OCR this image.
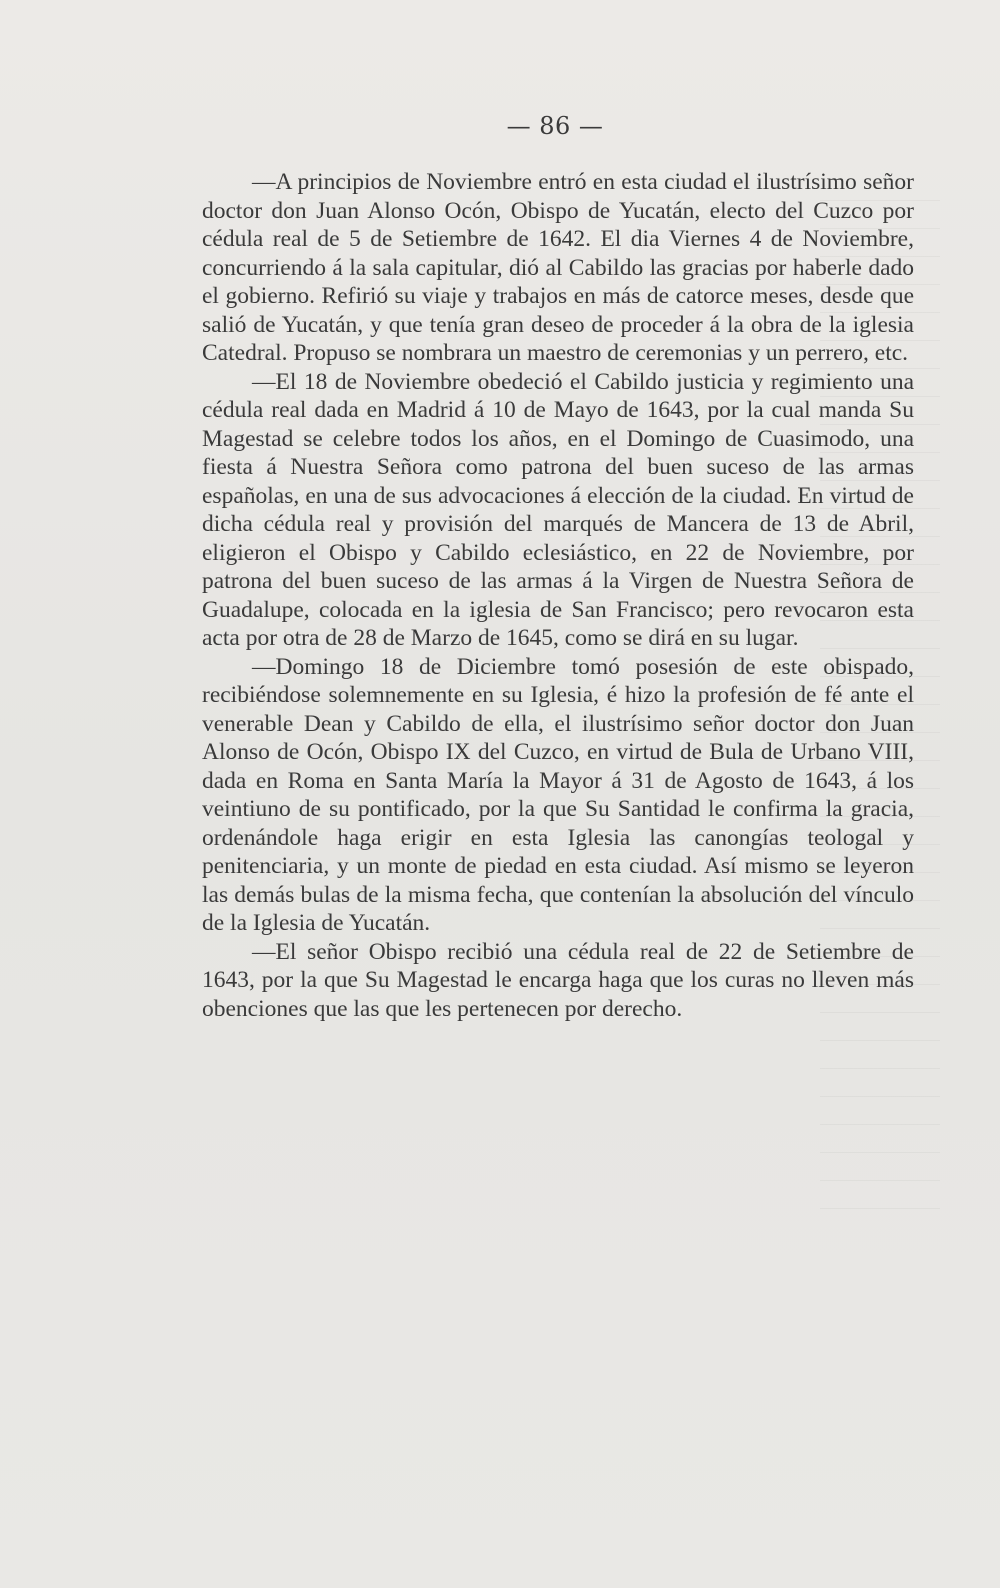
— 86 —

—A principios de Noviembre entró en esta ciudad el ilustrísimo señor doctor don Juan Alonso Ocón, Obispo de Yucatán, electo del Cuzco por cédula real de 5 de Setiembre de 1642. El dia Viernes 4 de Noviembre, concurriendo á la sala capitular, dió al Cabildo las gracias por haberle dado el gobierno. Refirió su viaje y trabajos en más de catorce meses, desde que salió de Yucatán, y que tenía gran deseo de proceder á la obra de la iglesia Catedral. Propuso se nombrara un maestro de ceremonias y un perrero, etc.

—El 18 de Noviembre obedeció el Cabildo justicia y regimiento una cédula real dada en Madrid á 10 de Mayo de 1643, por la cual manda Su Magestad se celebre todos los años, en el Domingo de Cuasimodo, una fiesta á Nuestra Señora como patrona del buen suceso de las armas españolas, en una de sus advocaciones á elección de la ciudad. En virtud de dicha cédula real y provisión del marqués de Mancera de 13 de Abril, eligieron el Obispo y Cabildo eclesiástico, en 22 de Noviembre, por patrona del buen suceso de las armas á la Virgen de Nuestra Señora de Guadalupe, colocada en la iglesia de San Francisco; pero revocaron esta acta por otra de 28 de Marzo de 1645, como se dirá en su lugar.

—Domingo 18 de Diciembre tomó posesión de este obispado, recibiéndose solemnemente en su Iglesia, é hizo la profesión de fé ante el venerable Dean y Cabildo de ella, el ilustrísimo señor doctor don Juan Alonso de Ocón, Obispo IX del Cuzco, en virtud de Bula de Urbano VIII, dada en Roma en Santa María la Mayor á 31 de Agosto de 1643, á los veintiuno de su pontificado, por la que Su Santidad le confirma la gracia, ordenándole haga erigir en esta Iglesia las canongías teologal y penitenciaria, y un monte de piedad en esta ciudad. Así mismo se leyeron las demás bulas de la misma fecha, que contenían la absolución del vínculo de la Iglesia de Yucatán.

—El señor Obispo recibió una cédula real de 22 de Setiembre de 1643, por la que Su Magestad le encarga haga que los curas no lleven más obenciones que las que les pertenecen por derecho.
